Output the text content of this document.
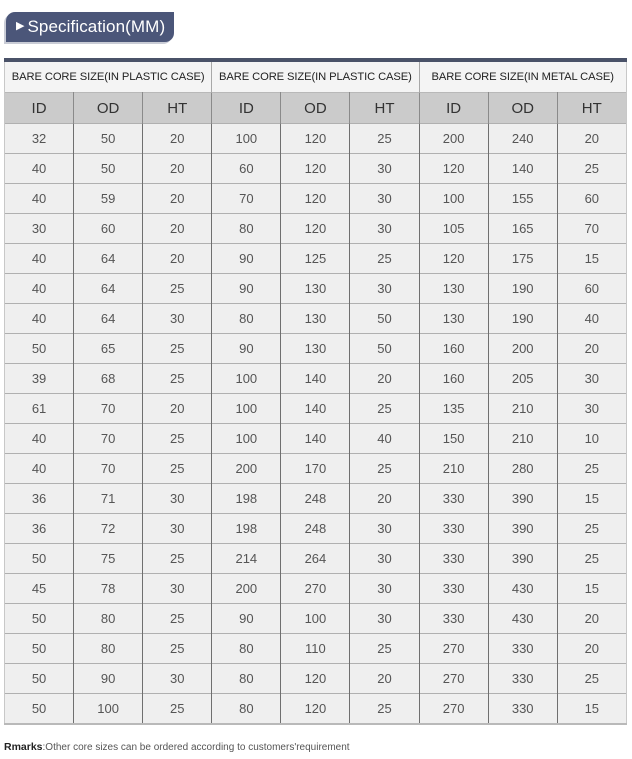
▶ Specification(MM)
BARE CORE SIZE(IN PLASTIC CASE)			BARE CORE SIZE(IN PLASTIC CASE)			BARE CORE SIZE(IN METAL CASE)		
ID	OD	HT	ID	OD	HT	ID	OD	HT
32	50	20	100	120	25	200	240	20
40	50	20	60	120	30	120	140	25
40	59	20	70	120	30	100	155	60
30	60	20	80	120	30	105	165	70
40	64	20	90	125	25	120	175	15
40	64	25	90	130	30	130	190	60
40	64	30	80	130	50	130	190	40
50	65	25	90	130	50	160	200	20
39	68	25	100	140	20	160	205	30
61	70	20	100	140	25	135	210	30
40	70	25	100	140	40	150	210	10
40	70	25	200	170	25	210	280	25
36	71	30	198	248	20	330	390	15
36	72	30	198	248	30	330	390	25
50	75	25	214	264	30	330	390	25
45	78	30	200	270	30	330	430	15
50	80	25	90	100	30	330	430	20
50	80	25	80	110	25	270	330	20
50	90	30	80	120	20	270	330	25
50	100	25	80	120	25	270	330	15
Rmarks:Other core sizes can be ordered according to customers'requirement
